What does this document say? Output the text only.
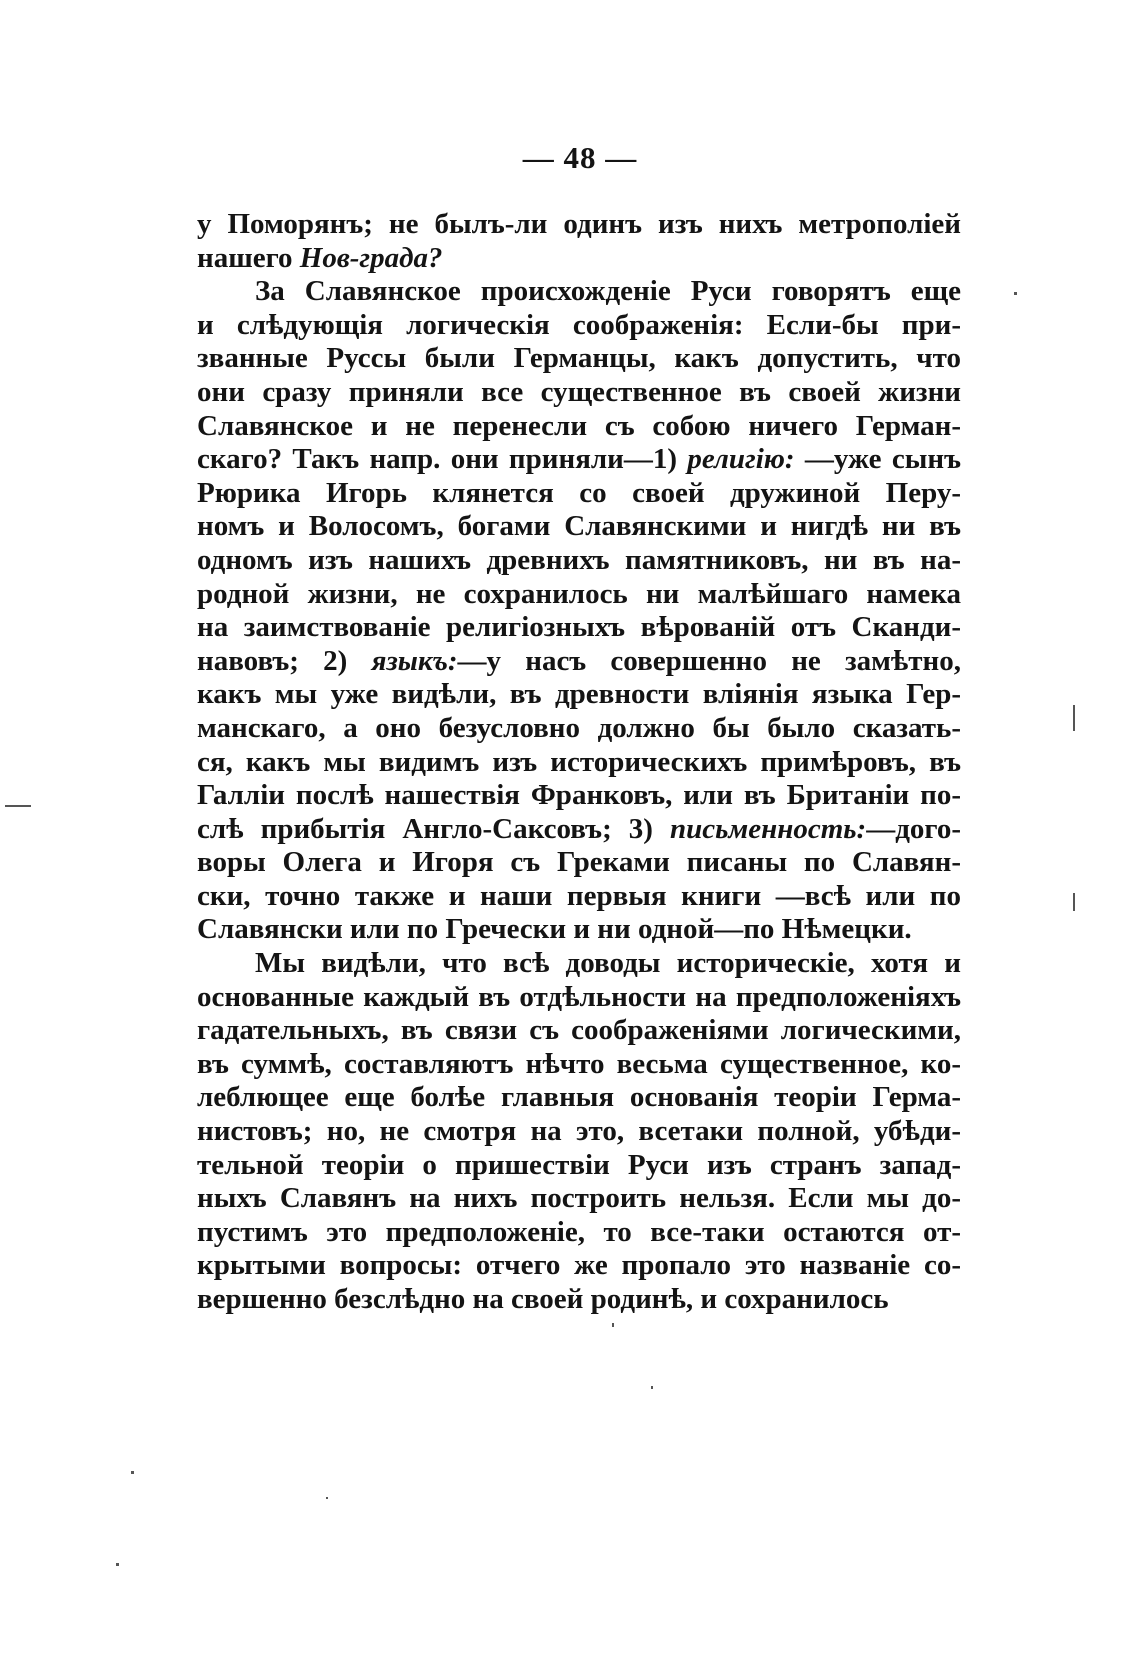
— 48 —
у Поморянъ; не былъ-ли одинъ изъ нихъ метрополiей
нашего Нов-града?
За Славянское происхожденiе Руси говорятъ еще
и слѣдующiя логическiя соображенiя: Если-бы при-
званные Руссы были Германцы, какъ допустить, что
они сразу приняли все существенное въ своей жизни
Славянское и не перенесли съ собою ничего Герман-
скаго? Такъ напр. они приняли—1) религiю: —уже сынъ
Рюрика Игорь клянется со своей дружиной Перу-
номъ и Волосомъ, богами Славянскими и нигдѣ ни въ
одномъ изъ нашихъ древнихъ памятниковъ, ни въ на-
родной жизни, не сохранилось ни малѣйшаго намека
на заимствованiе религiозныхъ вѣрованiй отъ Сканди-
навовъ; 2) языкъ:—у насъ совершенно не замѣтно,
какъ мы уже видѣли, въ древности влiянiя языка Гер-
манскаго, а оно безусловно должно бы было сказать-
ся, какъ мы видимъ изъ историческихъ примѣровъ, въ
Галлiи послѣ нашествiя Франковъ, или въ Британiи по-
слѣ прибытiя Англо-Саксовъ; 3) письменность:—дого-
воры Олега и Игоря съ Греками писаны по Славян-
ски, точно также и наши первыя книги —всѣ или по
Славянски или по Гречески и ни одной—по Нѣмецки.
Мы видѣли, что всѣ доводы историческiе, хотя и
основанные каждый въ отдѣльности на предположенiяхъ
гадательныхъ, въ связи съ соображенiями логическими,
въ суммѣ, составляютъ нѣчто весьма существенное, ко-
леблющее еще болѣе главныя основанiя теорiи Герма-
нистовъ; но, не смотря на это, всетаки полной, убѣди-
тельной теорiи о пришествiи Руси изъ странъ запад-
ныхъ Славянъ на нихъ построить нельзя. Если мы до-
пустимъ это предположенiе, то все-таки остаются от-
крытыми вопросы: отчего же пропало это названiе со-
вершенно безслѣдно на своей родинѣ, и сохранилось
